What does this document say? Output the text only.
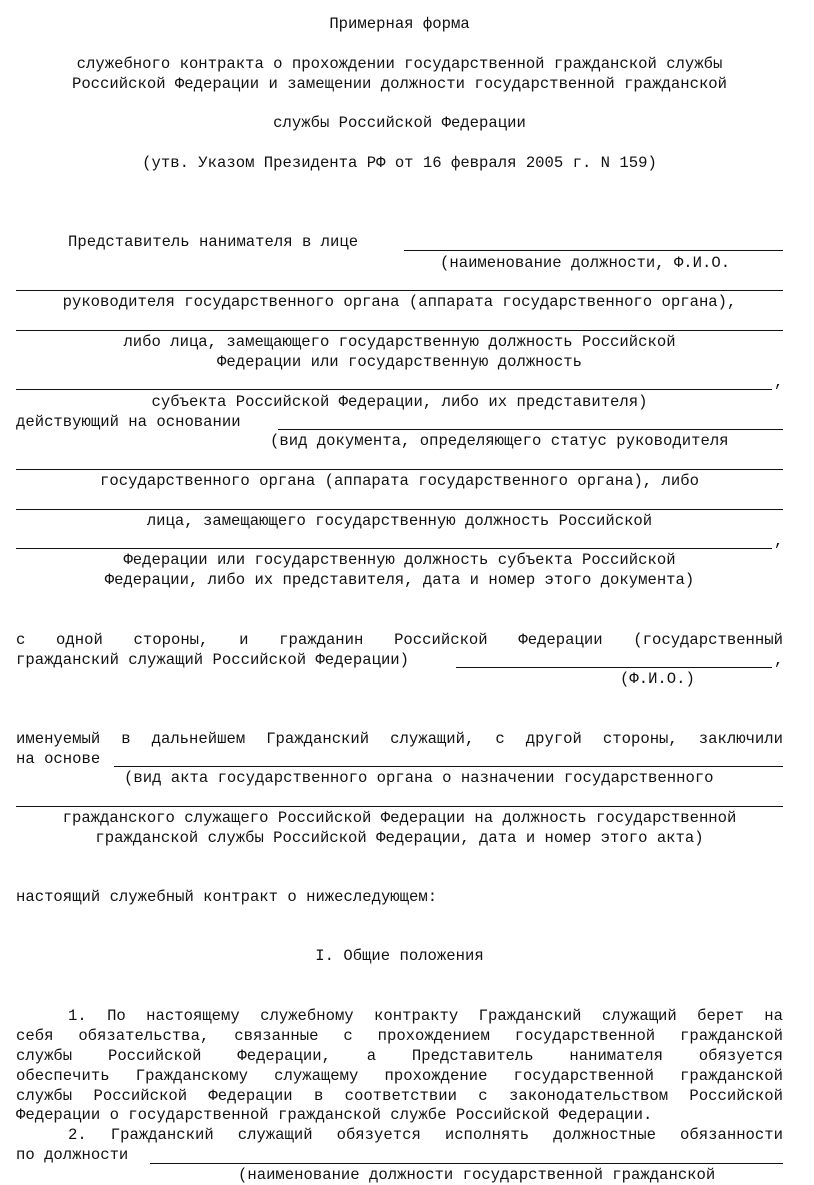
Примерная форма
служебного контракта о прохождении государственной гражданской службы
Российской Федерации и замещении должности государственной гражданской
службы Российской Федерации
(утв. Указом Президента РФ от 16 февраля 2005 г. N 159)
Представитель нанимателя в лице
(наименование должности, Ф.И.О.
руководителя государственного органа (аппарата государственного органа),
либо лица, замещающего государственную должность Российской
Федерации или государственную должность
,
субъекта Российской Федерации, либо их представителя)
действующий на основании
(вид документа, определяющего статус руководителя
государственного органа (аппарата государственного органа), либо
лица, замещающего государственную должность Российской
,
Федерации или государственную должность субъекта Российской
Федерации, либо их представителя, дата и номер этого документа)
с одной стороны, и гражданин Российской Федерации (государственный
гражданский служащий Российской Федерации)	,
(Ф.И.О.)
именуемый в дальнейшем Гражданский служащий, с другой стороны, заключили
на основе
(вид акта государственного органа о назначении государственного
гражданского служащего Российской Федерации на должность государственной
гражданской службы Российской Федерации, дата и номер этого акта)
настоящий служебный контракт о нижеследующем:
I. Общие положения
1. По настоящему служебному контракту Гражданский служащий берет на
себя обязательства, связанные с прохождением государственной гражданской
службы Российской Федерации, а Представитель нанимателя обязуется
обеспечить Гражданскому служащему прохождение государственной гражданской
службы Российской Федерации в соответствии с законодательством Российской
Федерации о государственной гражданской службе Российской Федерации.
2. Гражданский служащий обязуется исполнять должностные обязанности
по должности
(наименование должности государственной гражданской
